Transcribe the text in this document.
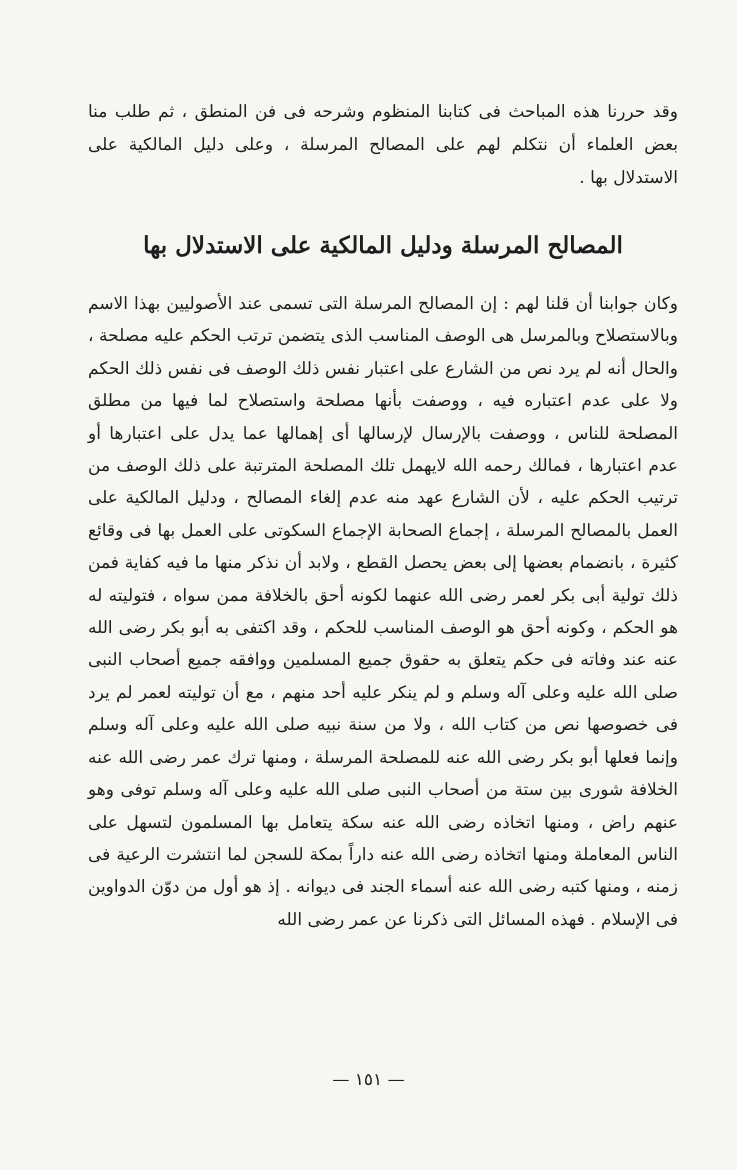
وقد حررنا هذه المباحث فى كتابنا المنظوم وشرحه فى فن المنطق ، ثم طلب منا بعض العلماء أن نتكلم لهم على المصالح المرسلة ، وعلى دليل المالكية على الاستدلال بها .

المصالح المرسلة ودليل المالكية على الاستدلال بها

وكان جوابنا أن قلنا لهم : إن المصالح المرسلة التى تسمى عند الأصوليين بهذا الاسم وبالاستصلاح وبالمرسل هى الوصف المناسب الذى يتضمن ترتب الحكم عليه مصلحة ، والحال أنه لم يرد نص من الشارع على اعتبار نفس ذلك الوصف فى نفس ذلك الحكم ولا على عدم اعتباره فيه ، ووصفت بأنها مصلحة واستصلاح لما فيها من مطلق المصلحة للناس ، ووصفت بالإرسال لإرسالها أى إهمالها عما يدل على اعتبارها أو عدم اعتبارها ، فمالك رحمه الله لايهمل تلك المصلحة المترتبة على ذلك الوصف من ترتيب الحكم عليه ، لأن الشارع عهد منه عدم إلغاء المصالح ، ودليل المالكية على العمل بالمصالح المرسلة ، إجماع الصحابة الإجماع السكوتى على العمل بها فى وقائع كثيرة ، بانضمام بعضها إلى بعض يحصل القطع ، ولابد أن نذكر منها ما فيه كفاية فمن ذلك تولية أبى بكر لعمر رضى الله عنهما لكونه أحق بالخلافة ممن سواه ، فتوليته له هو الحكم ، وكونه أحق هو الوصف المناسب للحكم ، وقد اكتفى به أبو بكر رضى الله عنه عند وفاته فى حكم يتعلق به حقوق جميع المسلمين ووافقه جميع أصحاب النبى صلى الله عليه وعلى آله وسلم و لم ينكر عليه أحد منهم ، مع أن توليته لعمر لم يرد فى خصوصها نص من كتاب الله ، ولا من سنة نبيه صلى الله عليه وعلى آله وسلم وإنما فعلها أبو بكر رضى الله عنه للمصلحة المرسلة ، ومنها ترك عمر رضى الله عنه الخلافة شورى بين ستة من أصحاب النبى صلى الله عليه وعلى آله وسلم توفى وهو عنهم راض ، ومنها اتخاذه رضى الله عنه سكة يتعامل بها المسلمون لتسهل على الناس المعاملة ومنها اتخاذه رضى الله عنه داراً بمكة للسجن لما انتشرت الرعية فى زمنه ، ومنها كتبه رضى الله عنه أسماء الجند فى ديوانه . إذ هو أول من دوّن الدواوين فى الإسلام . فهذه المسائل التى ذكرنا عن عمر رضى الله

— ١٥١ —
